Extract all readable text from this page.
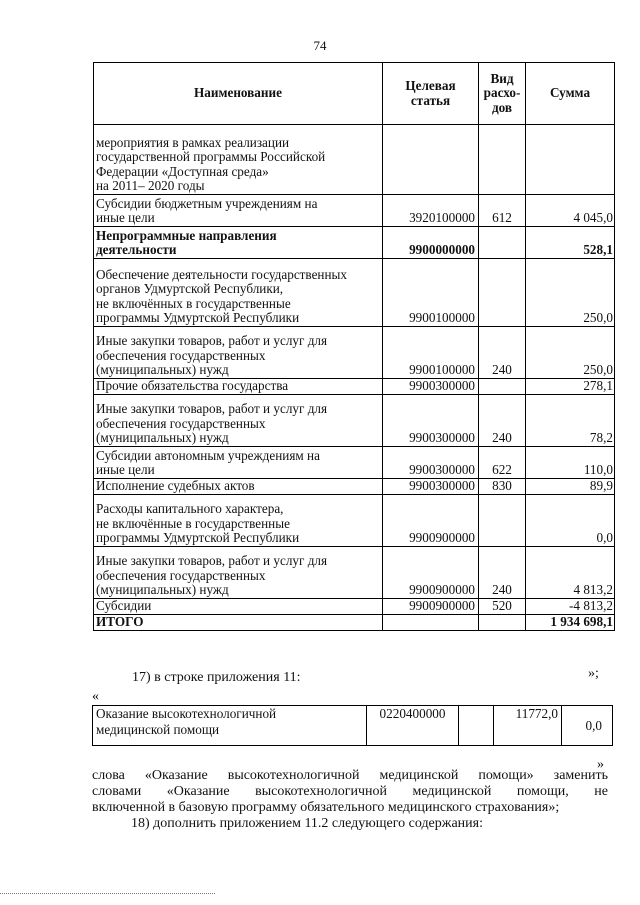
74
Наименование	Целевая статья	Вид
расхо-
дов	Сумма

мероприятия в рамках реализации
государственной программы Российской
Федерации «Доступная среда»
на 2011– 2020 годы			

Субсидии бюджетным учреждениям на
иные цели	3920100000	612	4 045,0

Непрограммные направления
деятельности	9900000000		528,1

Обеспечение деятельности государственных
органов Удмуртской Республики,
не включённых в государственные
программы Удмуртской Республики	9900100000		250,0

Иные закупки товаров, работ и услуг для
обеспечения государственных
(муниципальных) нужд	9900100000	240	250,0

Прочие обязательства государства	9900300000		278,1

Иные закупки товаров, работ и услуг для
обеспечения государственных
(муниципальных) нужд	9900300000	240	78,2

Субсидии автономным учреждениям на
иные цели	9900300000	622	110,0

Исполнение судебных актов	9900300000	830	89,9

Расходы капитального характера,
не включённые в государственные
программы Удмуртской Республики	9900900000		0,0

Иные закупки товаров, работ и услуг для
обеспечения государственных
(муниципальных) нужд	9900900000	240	4 813,2

Субсидии	9900900000	520	-4 813,2

ИТОГО			1 934 698,1
»;
17) в строке приложения 11:
«
Оказание высокотехнологичной
медицинской помощи
	0220400000		11772,0	0,0
»

слова «Оказание высокотехнологичной медицинской помощи» заменить

словами «Оказание высокотехнологичной медицинской помощи, не

включенной в базовую программу обязательного медицинского страхования»;

18) дополнить приложением 11.2 следующего содержания:
